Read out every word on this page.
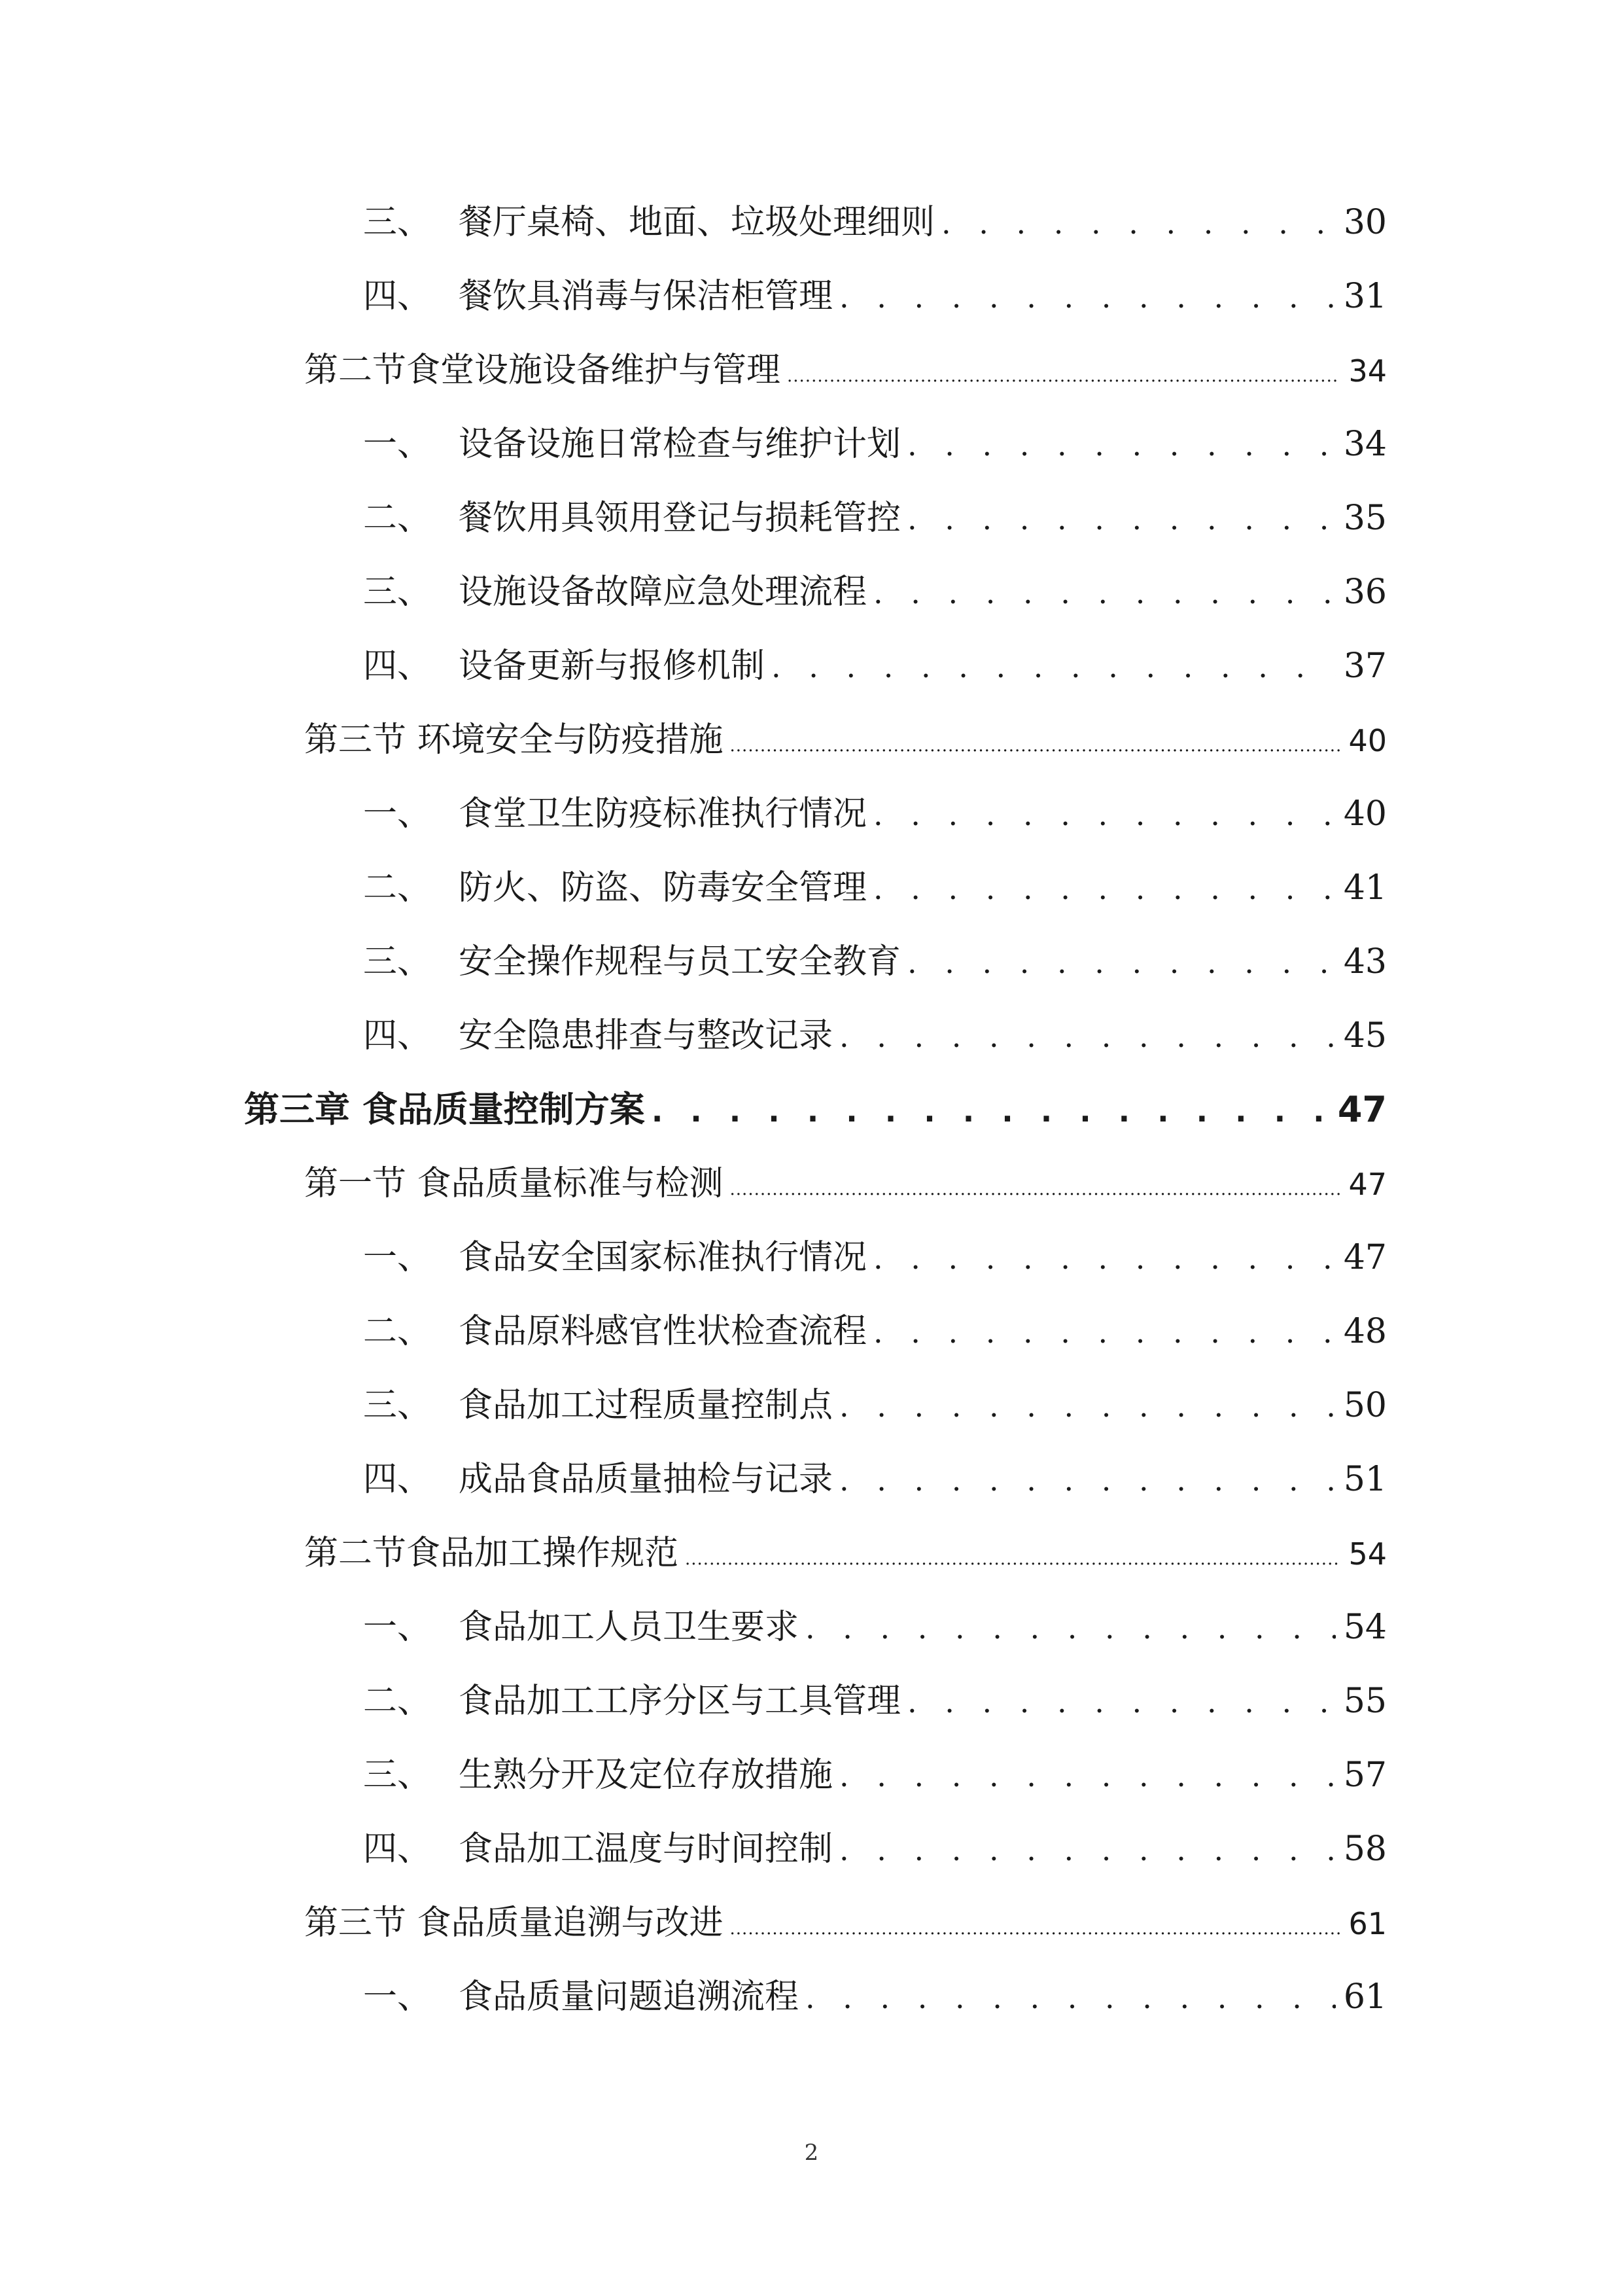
三、 餐厅桌椅、地面、垃圾处理细则 . . .	30
四、 餐饮具消毒与保洁柜管理 . . .	31
第二节食堂设施设备维护与管理 .....	34
一、 设备设施日常检查与维护计划 . . .	34
二、 餐饮用具领用登记与损耗管控 . . .	35
三、 设施设备故障应急处理流程 . . .	36
四、 设备更新与报修机制 . . .	37
第三节 环境安全与防疫措施 .....	40
一、 食堂卫生防疫标准执行情况 . . .	40
二、 防火、防盗、防毒安全管理 . . .	41
三、 安全操作规程与员工安全教育 . . .	43
四、 安全隐患排查与整改记录 . . .	45
第三章 食品质量控制方案 . . .	47
第一节 食品质量标准与检测 .....	47
一、 食品安全国家标准执行情况 . . .	47
二、 食品原料感官性状检查流程 . . .	48
三、 食品加工过程质量控制点 . . .	50
四、 成品食品质量抽检与记录 . . .	51
第二节食品加工操作规范 .....	54
一、 食品加工人员卫生要求 . . .	54
二、 食品加工工序分区与工具管理 . . .	55
三、 生熟分开及定位存放措施 . . .	57
四、 食品加工温度与时间控制 . . .	58
第三节 食品质量追溯与改进 .....	61
一、 食品质量问题追溯流程 . . .	61
2
